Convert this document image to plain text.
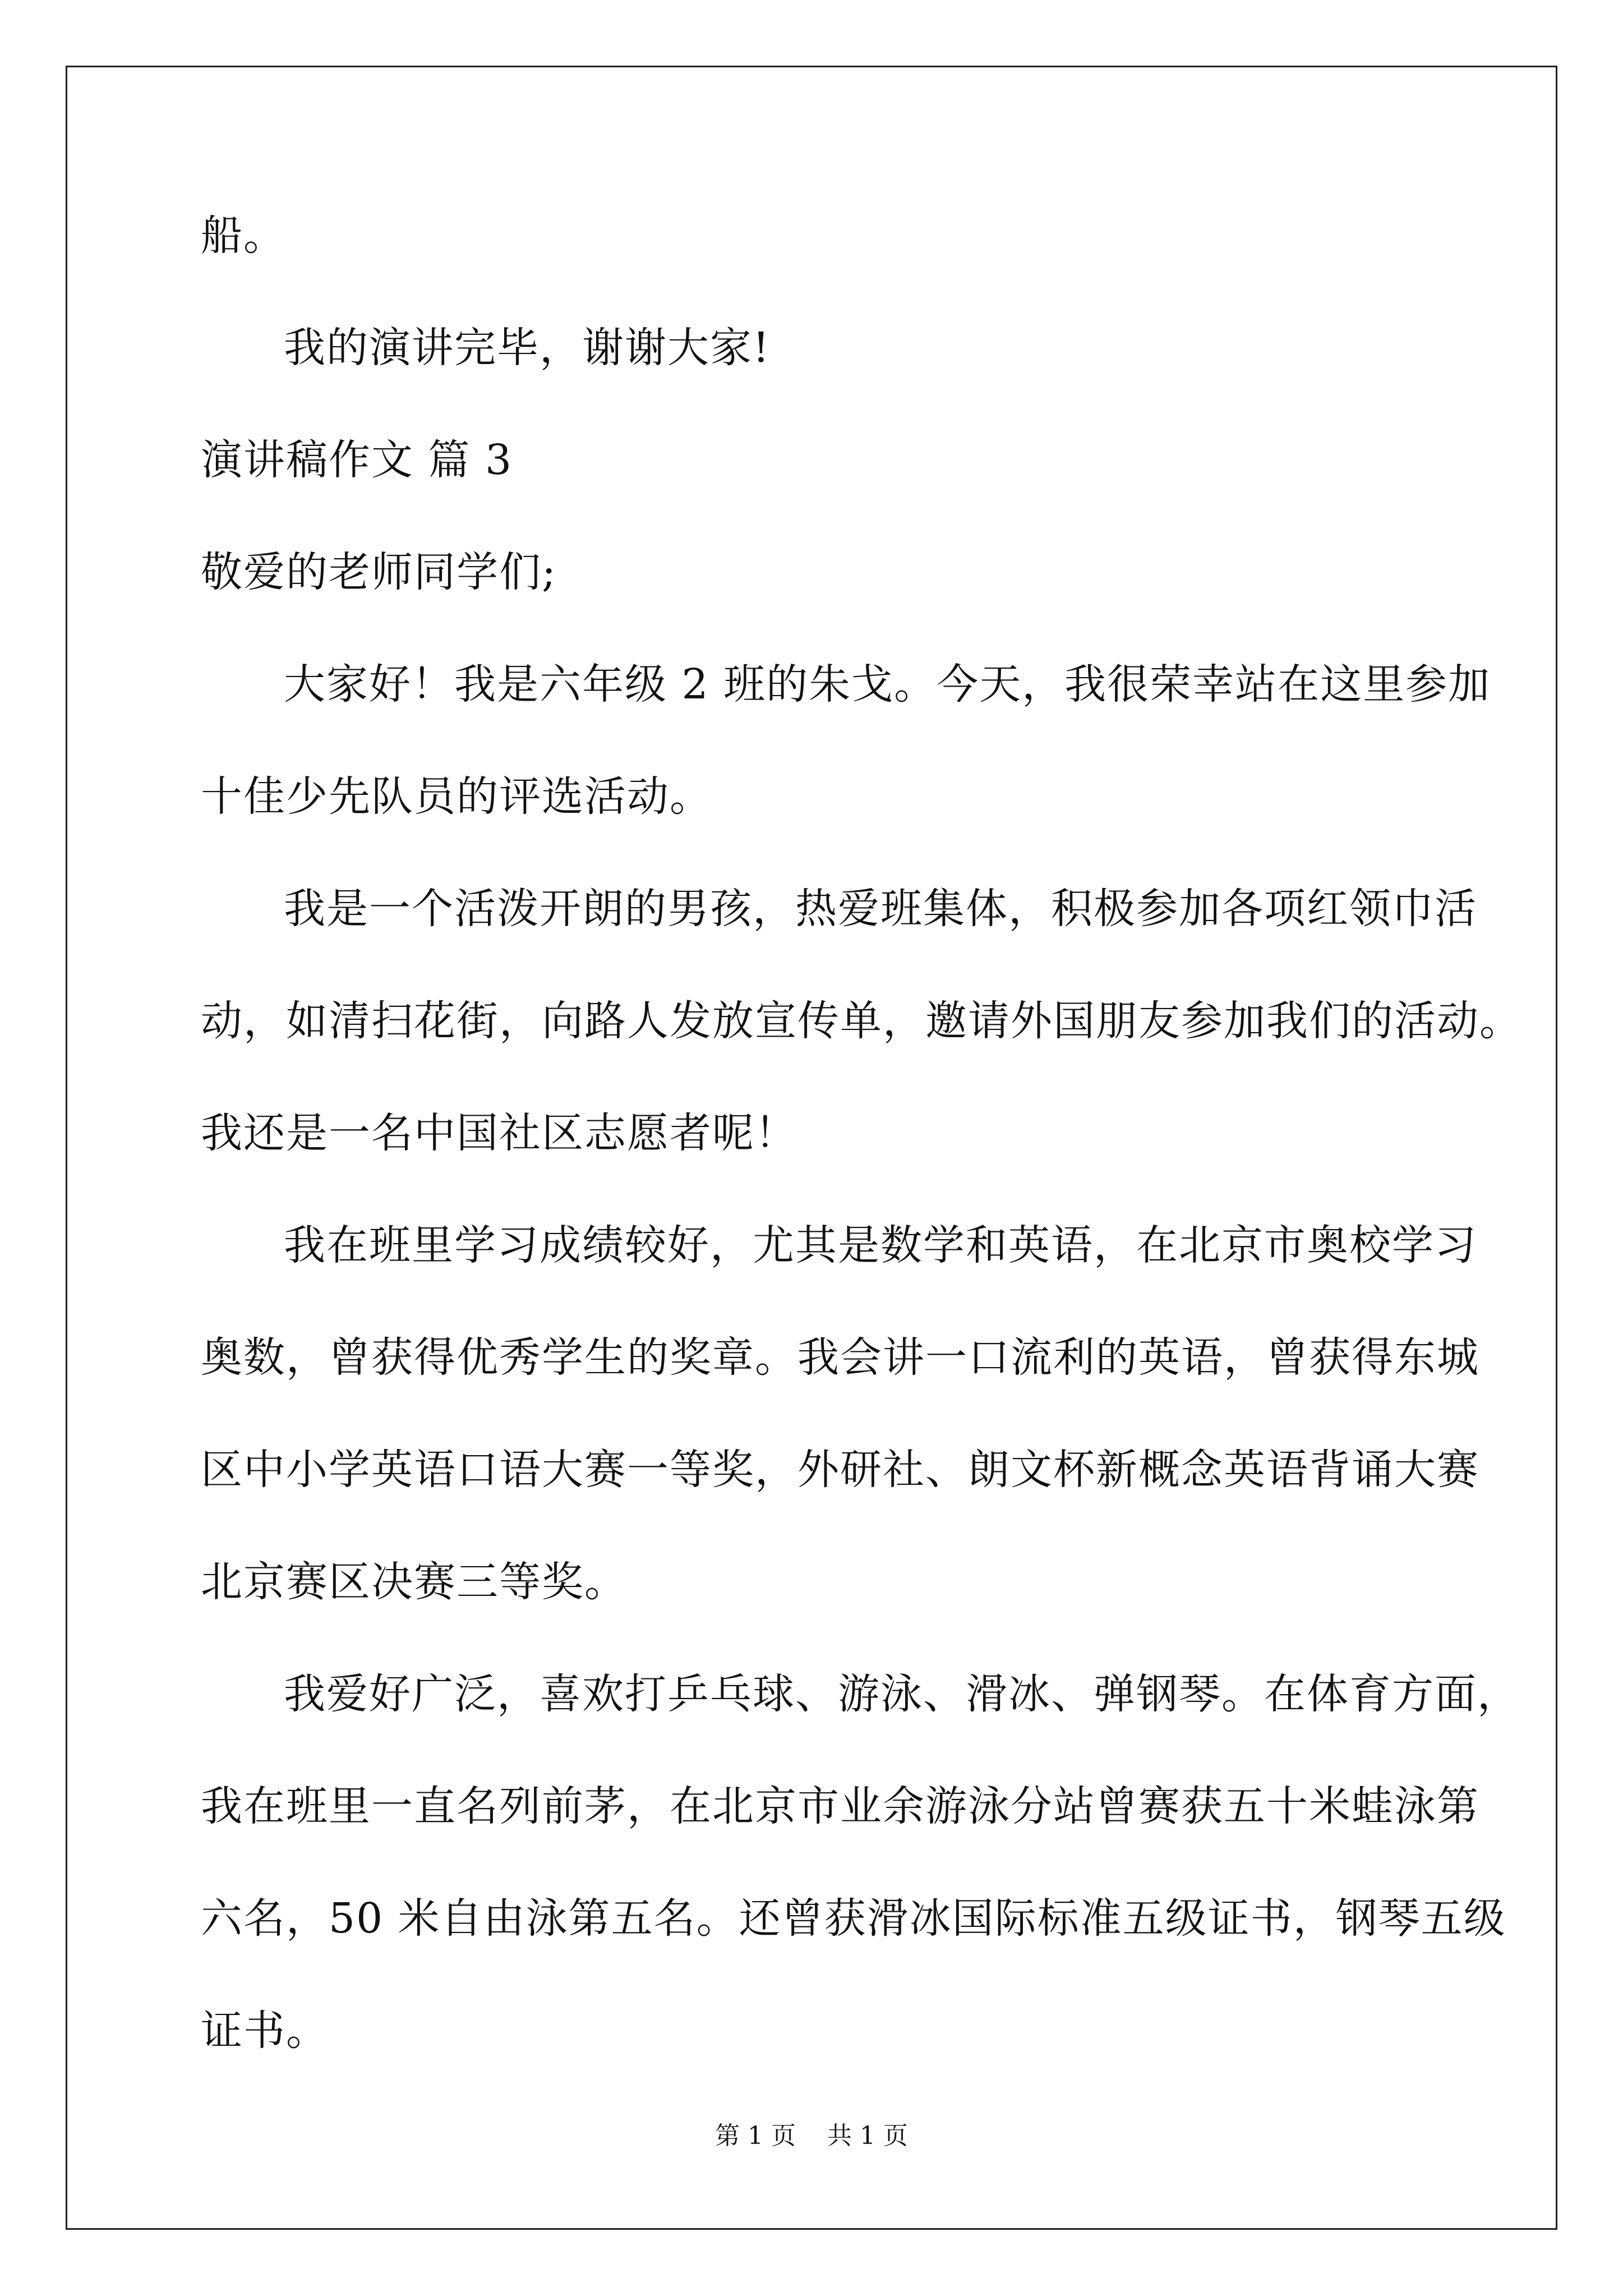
船。
我的演讲完毕，谢谢大家!
演讲稿作文 篇 3
敬爱的老师同学们;
大家好！我是六年级 2 班的朱戈。今天，我很荣幸站在这里参加
十佳少先队员的评选活动。
我是一个活泼开朗的男孩，热爱班集体，积极参加各项红领巾活
动，如清扫花街，向路人发放宣传单，邀请外国朋友参加我们的活动。
我还是一名中国社区志愿者呢！
我在班里学习成绩较好，尤其是数学和英语，在北京市奥校学习
奥数，曾获得优秀学生的奖章。我会讲一口流利的英语，曾获得东城
区中小学英语口语大赛一等奖，外研社、朗文杯新概念英语背诵大赛
北京赛区决赛三等奖。
我爱好广泛，喜欢打乒乓球、游泳、滑冰、弹钢琴。在体育方面，
我在班里一直名列前茅，在北京市业余游泳分站曾赛获五十米蛙泳第
六名，50 米自由泳第五名。还曾获滑冰国际标准五级证书，钢琴五级
证书。
第 1 页    共 1 页
